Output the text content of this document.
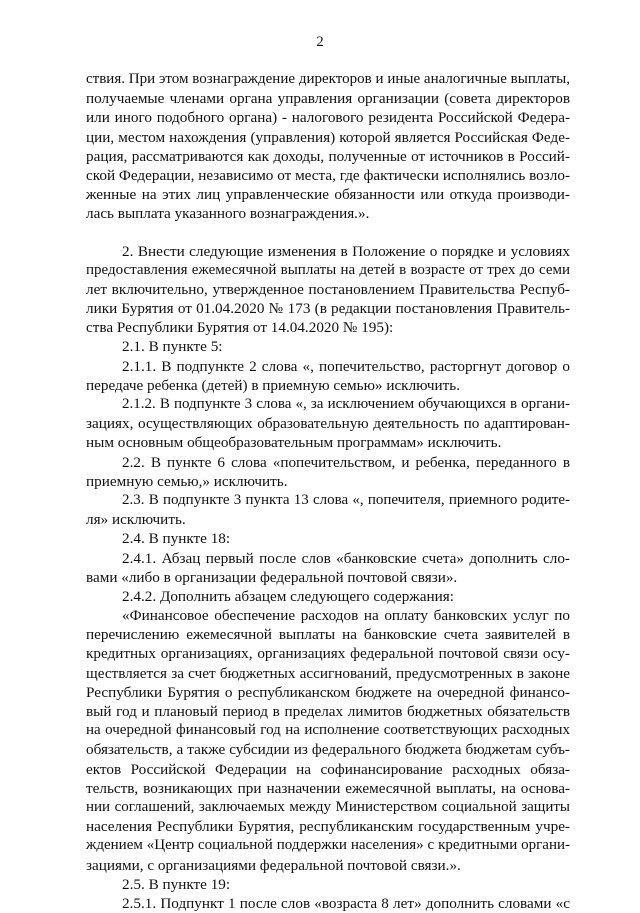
2
ствия. При этом вознаграждение директоров и иные аналогичные выплаты,
получаемые членами органа управления организации (совета директоров
или иного подобного органа) - налогового резидента Российской Федера-
ции, местом нахождения (управления) которой является Российская Феде-
рация, рассматриваются как доходы, полученные от источников в Россий-
ской Федерации, независимо от места, где фактически исполнялись возло-
женные на этих лиц управленческие обязанности или откуда производи-
лась выплата указанного вознаграждения.».
2. Внести следующие изменения в Положение о порядке и условиях
предоставления ежемесячной выплаты на детей в возрасте от трех до семи
лет включительно, утвержденное постановлением Правительства Респуб-
лики Бурятия от 01.04.2020 № 173 (в редакции постановления Правитель-
ства Республики Бурятия от 14.04.2020 № 195):
2.1. В пункте 5:
2.1.1. В подпункте 2 слова «, попечительство, расторгнут договор о
передаче ребенка (детей) в приемную семью» исключить.
2.1.2. В подпункте 3 слова «, за исключением обучающихся в органи-
зациях, осуществляющих образовательную деятельность по адаптирован-
ным основным общеобразовательным программам» исключить.
2.2. В пункте 6 слова «попечительством, и ребенка, переданного в
приемную семью,» исключить.
2.3. В подпункте 3 пункта 13 слова «, попечителя, приемного родите-
ля» исключить.
2.4. В пункте 18:
2.4.1. Абзац первый после слов «банковские счета» дополнить сло-
вами «либо в организации федеральной почтовой связи».
2.4.2. Дополнить абзацем следующего содержания:
«Финансовое обеспечение расходов на оплату банковских услуг по
перечислению ежемесячной выплаты на банковские счета заявителей в
кредитных организациях, организациях федеральной почтовой связи осу-
ществляется за счет бюджетных ассигнований, предусмотренных в законе
Республики Бурятия о республиканском бюджете на очередной финансо-
вый год и плановый период в пределах лимитов бюджетных обязательств
на очередной финансовый год на исполнение соответствующих расходных
обязательств, а также субсидии из федерального бюджета бюджетам субъ-
ектов Российской Федерации на софинансирование расходных обяза-
тельств, возникающих при назначении ежемесячной выплаты, на основа-
нии соглашений, заключаемых между Министерством социальной защиты
населения Республики Бурятия, республиканским государственным учре-
ждением «Центр социальной поддержки населения» с кредитными органи-
зациями, с организациями федеральной почтовой связи.».
2.5. В пункте 19:
2.5.1. Подпункт 1 после слов «возраста 8 лет» дополнить словами «с
